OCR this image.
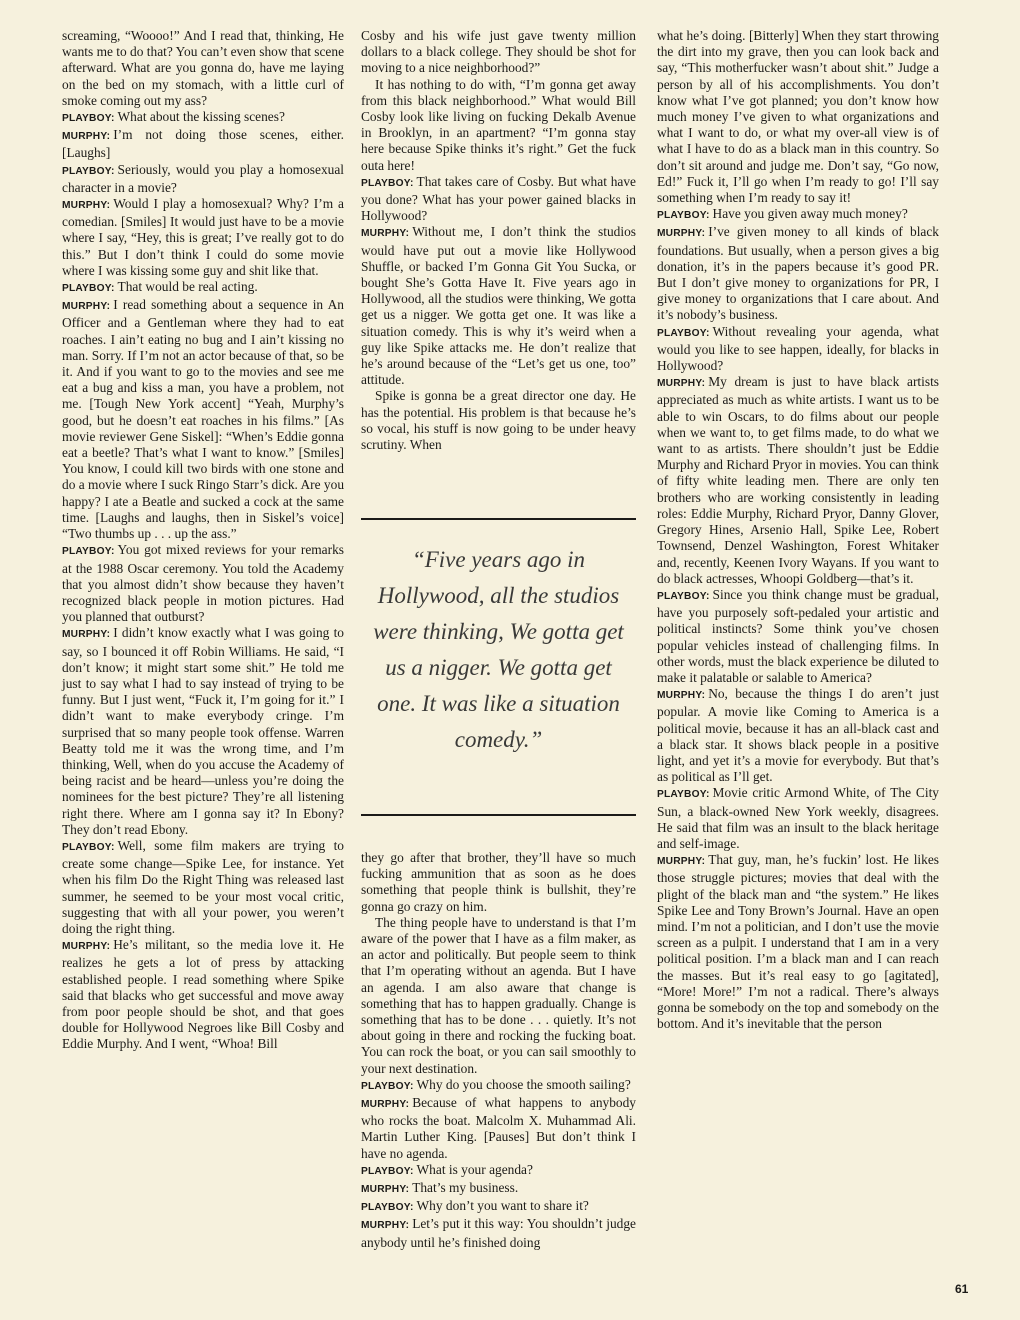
screaming, “Woooo!” And I read that, thinking, He wants me to do that? You can’t even show that scene afterward. What are you gonna do, have me laying on the bed on my stomach, with a little curl of smoke coming out my ass?

PLAYBOY: What about the kissing scenes?

MURPHY: I’m not doing those scenes, either. [Laughs]

PLAYBOY: Seriously, would you play a homosexual character in a movie?

MURPHY: Would I play a homosexual? Why? I’m a comedian. [Smiles] It would just have to be a movie where I say, “Hey, this is great; I’ve really got to do this.” But I don’t think I could do some movie where I was kissing some guy and shit like that.

PLAYBOY: That would be real acting.

MURPHY: I read something about a sequence in An Officer and a Gentleman where they had to eat roaches. I ain’t eating no bug and I ain’t kissing no man. Sorry. If I’m not an actor because of that, so be it. And if you want to go to the movies and see me eat a bug and kiss a man, you have a problem, not me. [Tough New York accent] “Yeah, Murphy’s good, but he doesn’t eat roaches in his films.” [As movie reviewer Gene Siskel]: “When’s Eddie gonna eat a beetle? That’s what I want to know.” [Smiles] You know, I could kill two birds with one stone and do a movie where I suck Ringo Starr’s dick. Are you happy? I ate a Beatle and sucked a cock at the same time. [Laughs and laughs, then in Siskel’s voice] “Two thumbs up . . . up the ass.”

PLAYBOY: You got mixed reviews for your remarks at the 1988 Oscar ceremony. You told the Academy that you almost didn’t show because they haven’t recognized black people in motion pictures. Had you planned that outburst?

MURPHY: I didn’t know exactly what I was going to say, so I bounced it off Robin Williams. He said, “I don’t know; it might start some shit.” He told me just to say what I had to say instead of trying to be funny. But I just went, “Fuck it, I’m going for it.” I didn’t want to make everybody cringe. I’m surprised that so many people took offense. Warren Beatty told me it was the wrong time, and I’m thinking, Well, when do you accuse the Academy of being racist and be heard—unless you’re doing the nominees for the best picture? They’re all listening right there. Where am I gonna say it? In Ebony? They don’t read Ebony.

PLAYBOY: Well, some film makers are trying to create some change—Spike Lee, for instance. Yet when his film Do the Right Thing was released last summer, he seemed to be your most vocal critic, suggesting that with all your power, you weren’t doing the right thing.

MURPHY: He’s militant, so the media love it. He realizes he gets a lot of press by attacking established people. I read something where Spike said that blacks who get successful and move away from poor people should be shot, and that goes double for Hollywood Negroes like Bill Cosby and Eddie Murphy. And I went, “Whoa! Bill

Cosby and his wife just gave twenty million dollars to a black college. They should be shot for moving to a nice neighborhood?”

It has nothing to do with, “I’m gonna get away from this black neighborhood.” What would Bill Cosby look like living on fucking Dekalb Avenue in Brooklyn, in an apartment? “I’m gonna stay here because Spike thinks it’s right.” Get the fuck outa here!

PLAYBOY: That takes care of Cosby. But what have you done? What has your power gained blacks in Hollywood?

MURPHY: Without me, I don’t think the studios would have put out a movie like Hollywood Shuffle, or backed I’m Gonna Git You Sucka, or bought She’s Gotta Have It. Five years ago in Hollywood, all the studios were thinking, We gotta get us a nigger. We gotta get one. It was like a situation comedy. This is why it’s weird when a guy like Spike attacks me. He don’t realize that he’s around because of the “Let’s get us one, too” attitude.

Spike is gonna be a great director one day. He has the potential. His problem is that because he’s so vocal, his stuff is now going to be under heavy scrutiny. When

“Five years ago in Hollywood, all the studios were thinking, We gotta get us a nigger. We gotta get one. It was like a situation comedy.”

they go after that brother, they’ll have so much fucking ammunition that as soon as he does something that people think is bullshit, they’re gonna go crazy on him.

The thing people have to understand is that I’m aware of the power that I have as a film maker, as an actor and politically. But people seem to think that I’m operating without an agenda. But I have an agenda. I am also aware that change is something that has to happen gradually. Change is something that has to be done . . . quietly. It’s not about going in there and rocking the fucking boat. You can rock the boat, or you can sail smoothly to your next destination.

PLAYBOY: Why do you choose the smooth sailing?

MURPHY: Because of what happens to anybody who rocks the boat. Malcolm X. Muhammad Ali. Martin Luther King. [Pauses] But don’t think I have no agenda.

PLAYBOY: What is your agenda?

MURPHY: That’s my business.

PLAYBOY: Why don’t you want to share it?

MURPHY: Let’s put it this way: You shouldn’t judge anybody until he’s finished doing

what he’s doing. [Bitterly] When they start throwing the dirt into my grave, then you can look back and say, “This motherfucker wasn’t about shit.” Judge a person by all of his accomplishments. You don’t know what I’ve got planned; you don’t know how much money I’ve given to what organizations and what I want to do, or what my over-all view is of what I have to do as a black man in this country. So don’t sit around and judge me. Don’t say, “Go now, Ed!” Fuck it, I’ll go when I’m ready to go! I’ll say something when I’m ready to say it!

PLAYBOY: Have you given away much money?

MURPHY: I’ve given money to all kinds of black foundations. But usually, when a person gives a big donation, it’s in the papers because it’s good PR. But I don’t give money to organizations for PR, I give money to organizations that I care about. And it’s nobody’s business.

PLAYBOY: Without revealing your agenda, what would you like to see happen, ideally, for blacks in Hollywood?

MURPHY: My dream is just to have black artists appreciated as much as white artists. I want us to be able to win Oscars, to do films about our people when we want to, to get films made, to do what we want to as artists. There shouldn’t just be Eddie Murphy and Richard Pryor in movies. You can think of fifty white leading men. There are only ten brothers who are working consistently in leading roles: Eddie Murphy, Richard Pryor, Danny Glover, Gregory Hines, Arsenio Hall, Spike Lee, Robert Townsend, Denzel Washington, Forest Whitaker and, recently, Keenen Ivory Wayans. If you want to do black actresses, Whoopi Goldberg—that’s it.

PLAYBOY: Since you think change must be gradual, have you purposely soft-pedaled your artistic and political instincts? Some think you’ve chosen popular vehicles instead of challenging films. In other words, must the black experience be diluted to make it palatable or salable to America?

MURPHY: No, because the things I do aren’t just popular. A movie like Coming to America is a political movie, because it has an all-black cast and a black star. It shows black people in a positive light, and yet it’s a movie for everybody. But that’s as political as I’ll get.

PLAYBOY: Movie critic Armond White, of The City Sun, a black-owned New York weekly, disagrees. He said that film was an insult to the black heritage and self-image.

MURPHY: That guy, man, he’s fuckin’ lost. He likes those struggle pictures; movies that deal with the plight of the black man and “the system.” He likes Spike Lee and Tony Brown’s Journal. Have an open mind. I’m not a politician, and I don’t use the movie screen as a pulpit. I understand that I am in a very political position. I’m a black man and I can reach the masses. But it’s real easy to go [agitated], “More! More!” I’m not a radical. There’s always gonna be somebody on the top and somebody on the bottom. And it’s inevitable that the person

61
